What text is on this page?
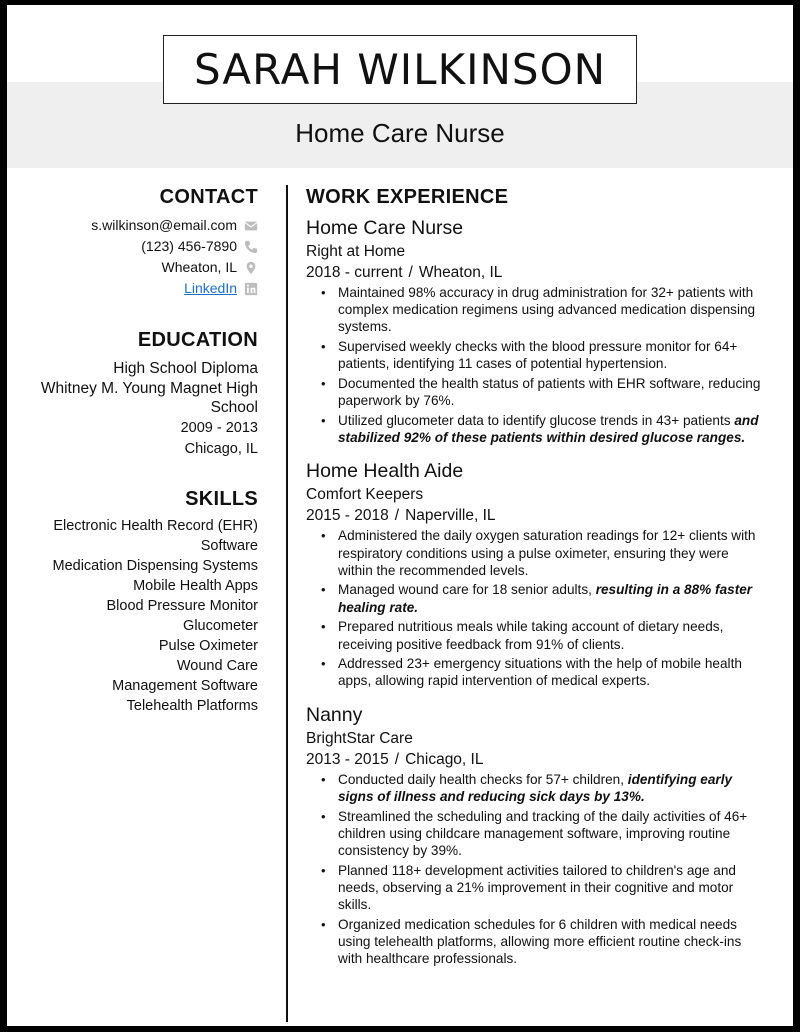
SARAH WILKINSON
Home Care Nurse
CONTACT
s.wilkinson@email.com
(123) 456-7890
Wheaton, IL
LinkedIn
EDUCATION
High School Diploma
Whitney M. Young Magnet High School
2009 - 2013
Chicago, IL
SKILLS
Electronic Health Record (EHR) Software
Medication Dispensing Systems
Mobile Health Apps
Blood Pressure Monitor
Glucometer
Pulse Oximeter
Wound Care
Management Software
Telehealth Platforms
WORK EXPERIENCE
Home Care Nurse
Right at Home
2018 - current / Wheaton, IL
• Maintained 98% accuracy in drug administration for 32+ patients with complex medication regimens using advanced medication dispensing systems.
• Supervised weekly checks with the blood pressure monitor for 64+ patients, identifying 11 cases of potential hypertension.
• Documented the health status of patients with EHR software, reducing paperwork by 76%.
• Utilized glucometer data to identify glucose trends in 43+ patients and stabilized 92% of these patients within desired glucose ranges.
Home Health Aide
Comfort Keepers
2015 - 2018 / Naperville, IL
• Administered the daily oxygen saturation readings for 12+ clients with respiratory conditions using a pulse oximeter, ensuring they were within the recommended levels.
• Managed wound care for 18 senior adults, resulting in a 88% faster healing rate.
• Prepared nutritious meals while taking account of dietary needs, receiving positive feedback from 91% of clients.
• Addressed 23+ emergency situations with the help of mobile health apps, allowing rapid intervention of medical experts.
Nanny
BrightStar Care
2013 - 2015 / Chicago, IL
• Conducted daily health checks for 57+ children, identifying early signs of illness and reducing sick days by 13%.
• Streamlined the scheduling and tracking of the daily activities of 46+ children using childcare management software, improving routine consistency by 39%.
• Planned 118+ development activities tailored to children's age and needs, observing a 21% improvement in their cognitive and motor skills.
• Organized medication schedules for 6 children with medical needs using telehealth platforms, allowing more efficient routine check-ins with healthcare professionals.
